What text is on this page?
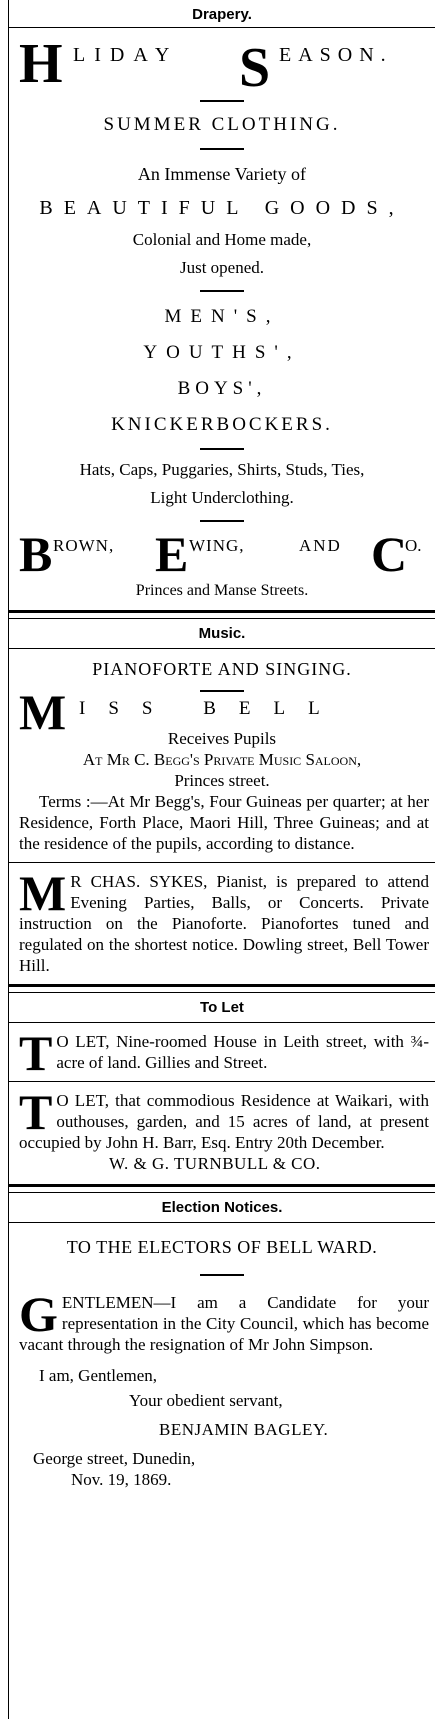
Drapery.
H LIDAY S EASON.
SUMMER CLOTHING.
An Immense Variety of
BEAUTIFUL GOODS,
Colonial and Home made,
Just opened.
MEN'S,
YOUTHS',
BOYS',
KNICKERBOCKERS.
Hats, Caps, Puggaries, Shirts, Studs, Ties,
Light Underclothing.
B ROWN, E WING,	AND C
O.
Princes and Manse Streets.
Music.
PIANOFORTE AND SINGING.
M ISS BELL
Receives Pupils
At Mr C. Begg's Private Music Saloon,
Princes street.
Terms :—At Mr Begg's, Four Guineas per quarter; at her Residence, Forth Place, Maori Hill, Three Guineas; and at the residence of the pupils, according to distance.
M R CHAS. SYKES, Pianist, is prepared to attend Evening Parties, Balls, or Concerts. Private instruction on the Pianoforte. Pianofortes tuned and regulated on the shortest notice. Dowling street, Bell Tower Hill.
To Let
T O LET, Nine-roomed House in Leith street, with ¾-acre of land. Gillies and Street.
T O LET, that commodious Residence at Waikari, with outhouses, garden, and 15 acres of land, at present occupied by John H. Barr, Esq. Entry 20th December.
W. & G. TURNBULL & CO.
Election Notices.
TO THE ELECTORS OF BELL WARD.
G ENTLEMEN—I am a Candidate for your representation in the City Council, which has become vacant through the resignation of Mr John Simpson.
I am, Gentlemen,
Your obedient servant,
BENJAMIN BAGLEY.
George street, Dunedin,
Nov. 19, 1869.
